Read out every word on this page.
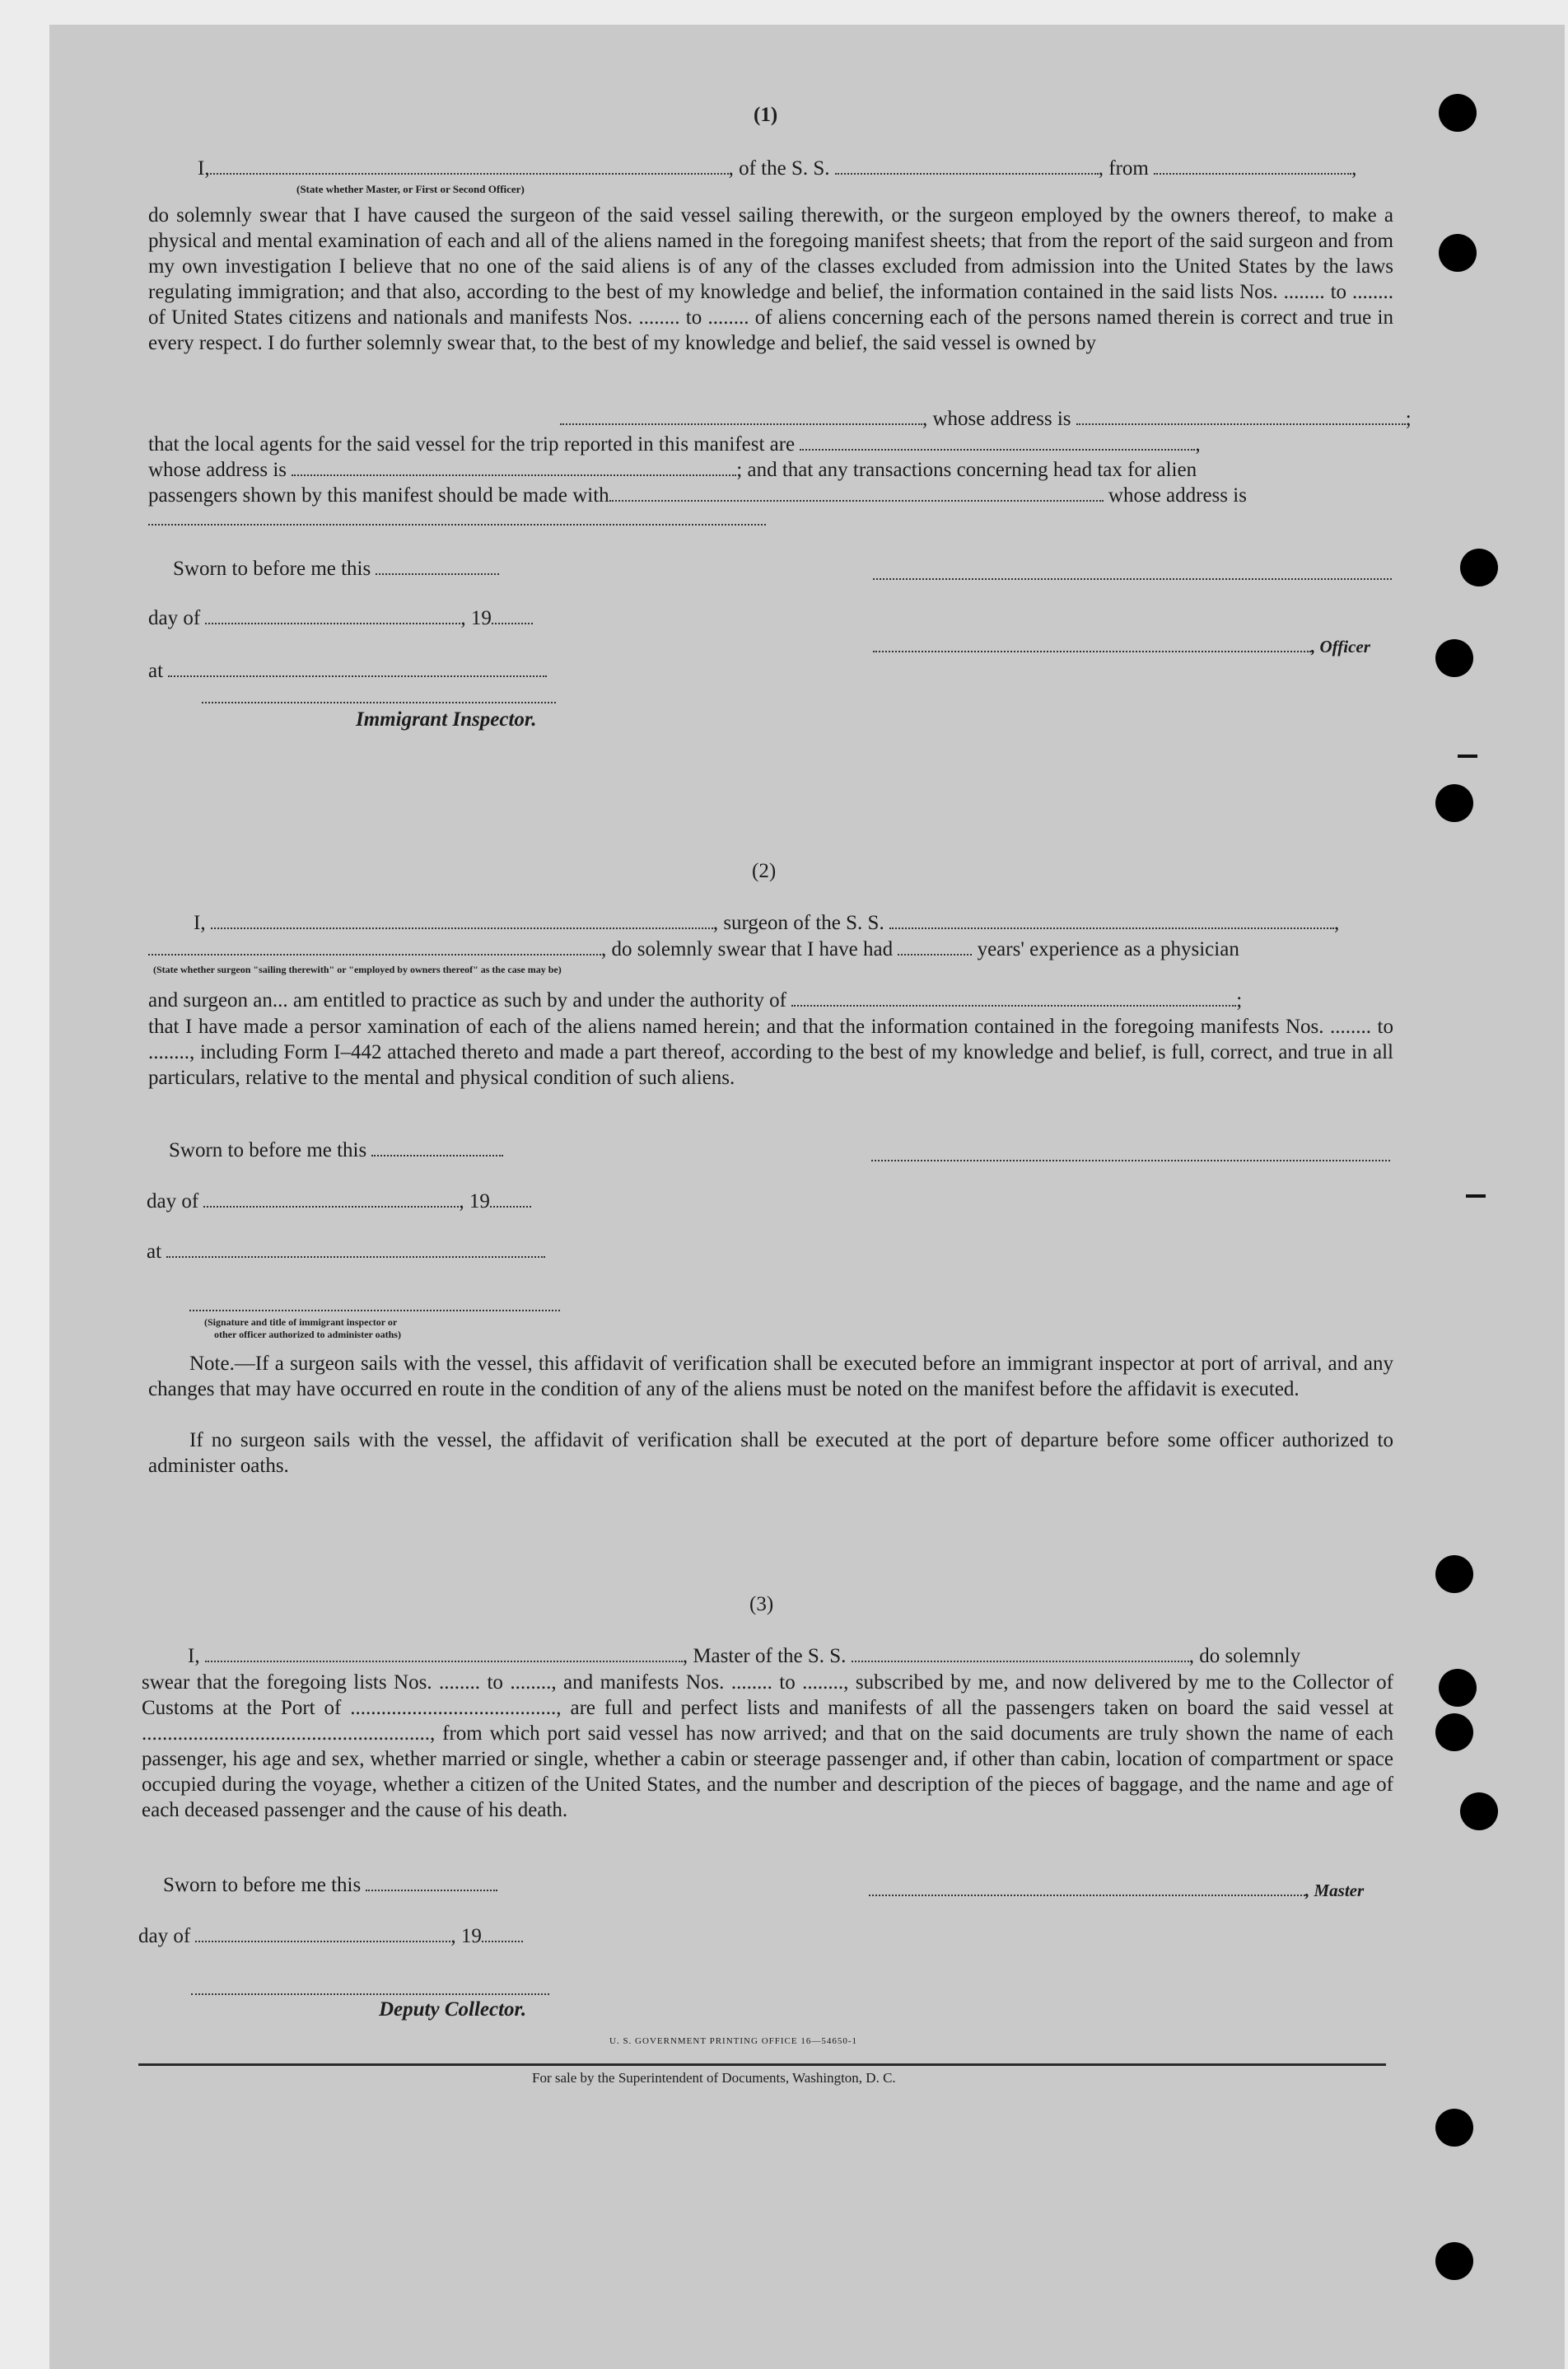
(1)
I,	, of the S. S.	, from	,
(State whether Master, or First or Second Officer)

do solemnly swear that I have caused the surgeon of the said vessel sailing therewith, or the surgeon employed by the owners thereof, to make a physical and mental examination of each and all of the aliens named in the foregoing manifest sheets; that from the report of the said surgeon and from my own investigation I believe that no one of the said aliens is of any of the classes excluded from admission into the United States by the laws regulating immigration; and that also, according to the best of my knowledge and belief, the information contained in the said lists Nos. ........ to ........ of United States citizens and nationals and manifests Nos. ........ to ........ of aliens concerning each of the persons named therein is correct and true in every respect. I do further solemnly swear that, to the best of my knowledge and belief, the said vessel is owned by

, whose address is	;
that the local agents for the said vessel for the trip reported in this manifest are	,
whose address is	; and that any transactions concerning head tax for alien
passengers shown by this manifest should be made with	whose address is
Sworn to before me this
day of	, 19
, Officer
at
Immigrant Inspector.
(2)
I,	, surgeon of the S. S.	,
, do solemnly swear that I have had	years' experience as a physician
(State whether surgeon "sailing therewith" or "employed by owners thereof" as the case may be)
and surgeon an... am entitled to practice as such by and under the authority of	;

that I have made a persor xamination of each of the aliens named herein; and that the information contained in the foregoing manifests Nos. ........ to ........, including Form I–442 attached thereto and made a part thereof, according to the best of my knowledge and belief, is full, correct, and true in all particulars, relative to the mental and physical condition of such aliens.

Sworn to before me this
day of	, 19
at
(Signature and title of immigrant inspector or
other officer authorized to administer oaths)

Note.—If a surgeon sails with the vessel, this affidavit of verification shall be executed before an immigrant inspector at port of arrival, and any changes that may have occurred en route in the condition of any of the aliens must be noted on the manifest before the affidavit is executed.

If no surgeon sails with the vessel, the affidavit of verification shall be executed at the port of departure before some officer authorized to administer oaths.

(3)
I,	, Master of the S. S.	, do solemnly

swear that the foregoing lists Nos. ........ to ........, and manifests Nos. ........ to ........, subscribed by me, and now delivered by me to the Collector of Customs at the Port of ........................................, are full and perfect lists and manifests of all the passengers taken on board the said vessel at ........................................................, from which port said vessel has now arrived; and that on the said documents are truly shown the name of each passenger, his age and sex, whether married or single, whether a cabin or steerage passenger and, if other than cabin, location of compartment or space occupied during the voyage, whether a citizen of the United States, and the number and description of the pieces of baggage, and the name and age of each deceased passenger and the cause of his death.

Sworn to before me this	, Master
day of	, 19
Deputy Collector.
U. S. GOVERNMENT PRINTING OFFICE 16—54650-1
For sale by the Superintendent of Documents, Washington, D. C.
